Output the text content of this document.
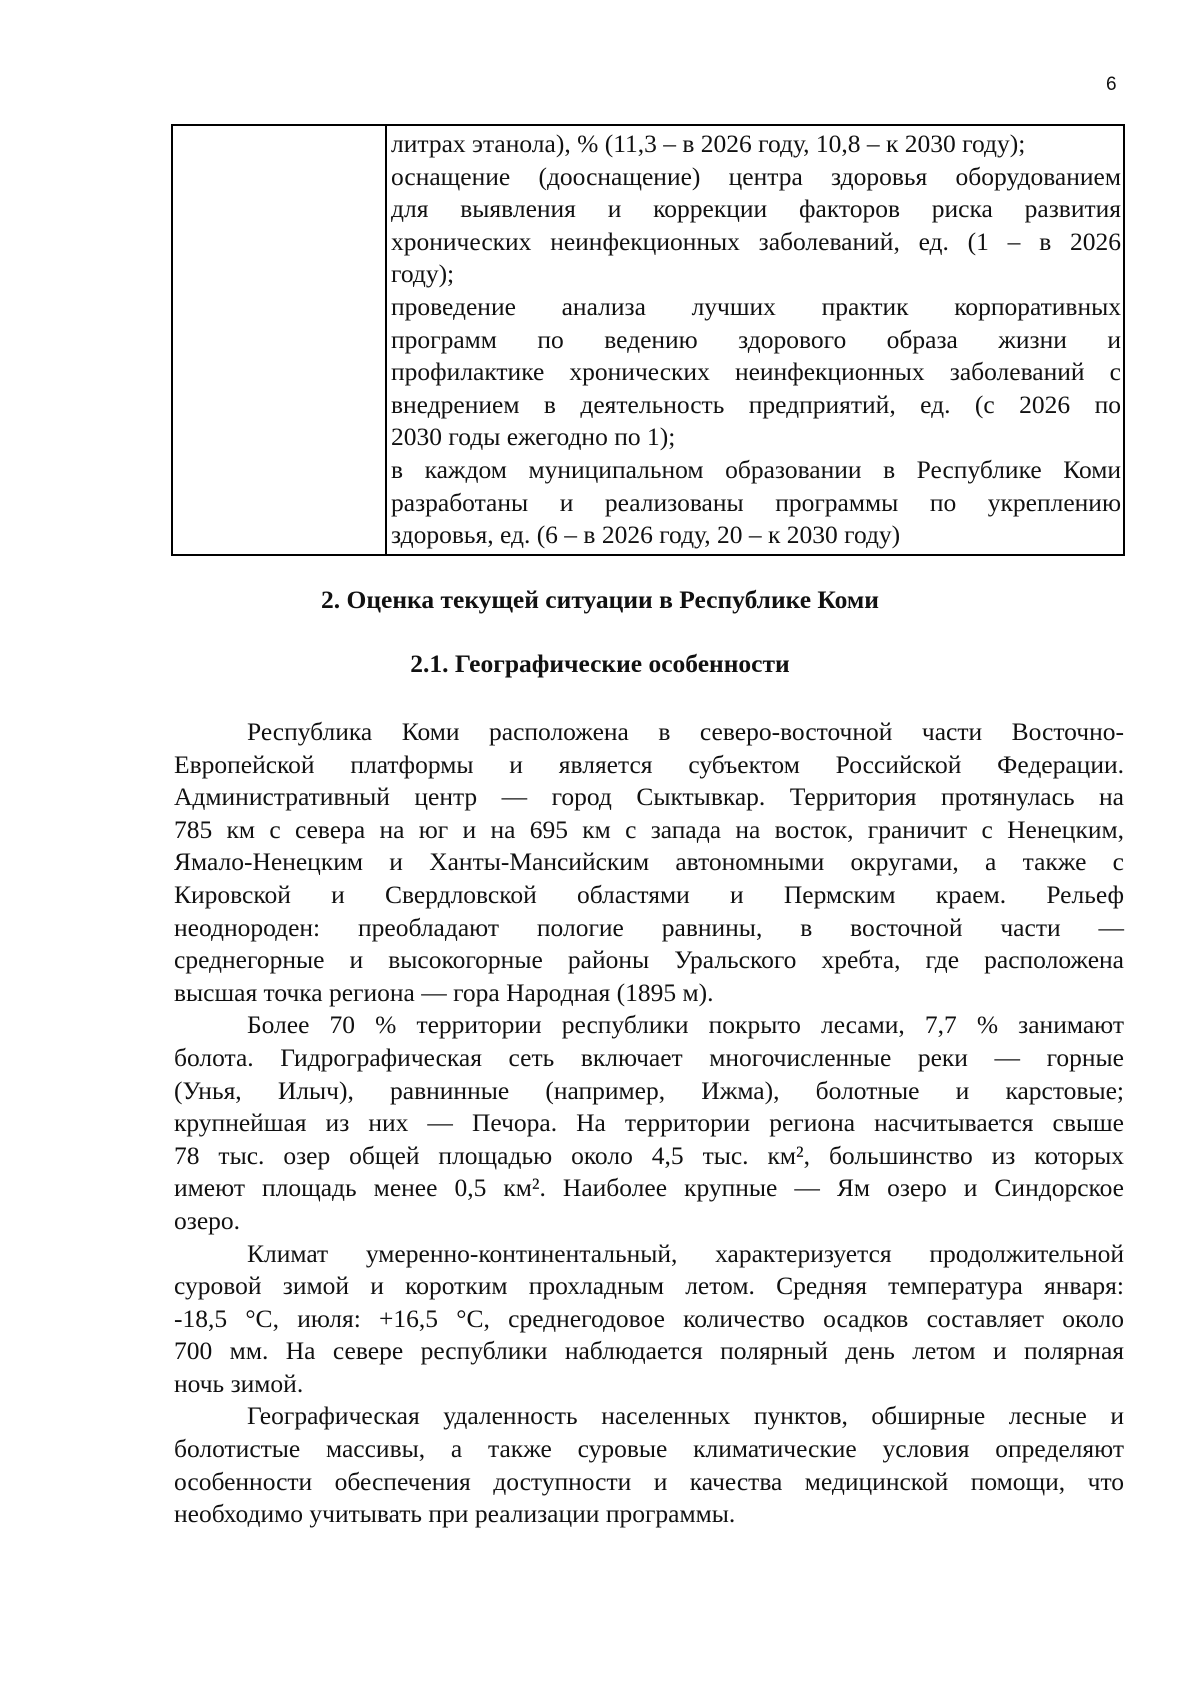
6
литрах этанола), % (11,3 – в 2026 году, 10,8 – к 2030 году);
оснащение (дооснащение) центра здоровья оборудованием
для выявления и коррекции факторов риска развития
хронических неинфекционных заболеваний, ед. (1 – в 2026
году);
проведение анализа лучших практик корпоративных
программ по ведению здорового образа жизни и
профилактике хронических неинфекционных заболеваний с
внедрением в деятельность предприятий, ед. (с 2026 по
2030 годы ежегодно по 1);
в каждом муниципальном образовании в Республике Коми
разработаны и реализованы программы по укреплению
здоровья, ед. (6 – в 2026 году, 20 – к 2030 году)
2. Оценка текущей ситуации в Республике Коми
2.1. Географические особенности
Республика Коми расположена в северо-восточной части Восточно-
Европейской платформы и является субъектом Российской Федерации.
Административный центр — город Сыктывкар. Территория протянулась на
785 км с севера на юг и на 695 км с запада на восток, граничит с Ненецким,
Ямало-Ненецким и Ханты-Мансийским автономными округами, а также с
Кировской и Свердловской областями и Пермским краем. Рельеф
неоднороден: преобладают пологие равнины, в восточной части —
среднегорные и высокогорные районы Уральского хребта, где расположена
высшая точка региона — гора Народная (1895 м).
Более 70 % территории республики покрыто лесами, 7,7 % занимают
болота. Гидрографическая сеть включает многочисленные реки — горные
(Унья, Илыч), равнинные (например, Ижма), болотные и карстовые;
крупнейшая из них — Печора. На территории региона насчитывается свыше
78 тыс. озер общей площадью около 4,5 тыс. км², большинство из которых
имеют площадь менее 0,5 км². Наиболее крупные — Ям озеро и Синдорское
озеро.
Климат умеренно-континентальный, характеризуется продолжительной
суровой зимой и коротким прохладным летом. Средняя температура января:
-18,5 °С, июля: +16,5 °С, среднегодовое количество осадков составляет около
700 мм. На севере республики наблюдается полярный день летом и полярная
ночь зимой.
Географическая удаленность населенных пунктов, обширные лесные и
болотистые массивы, а также суровые климатические условия определяют
особенности обеспечения доступности и качества медицинской помощи, что
необходимо учитывать при реализации программы.
